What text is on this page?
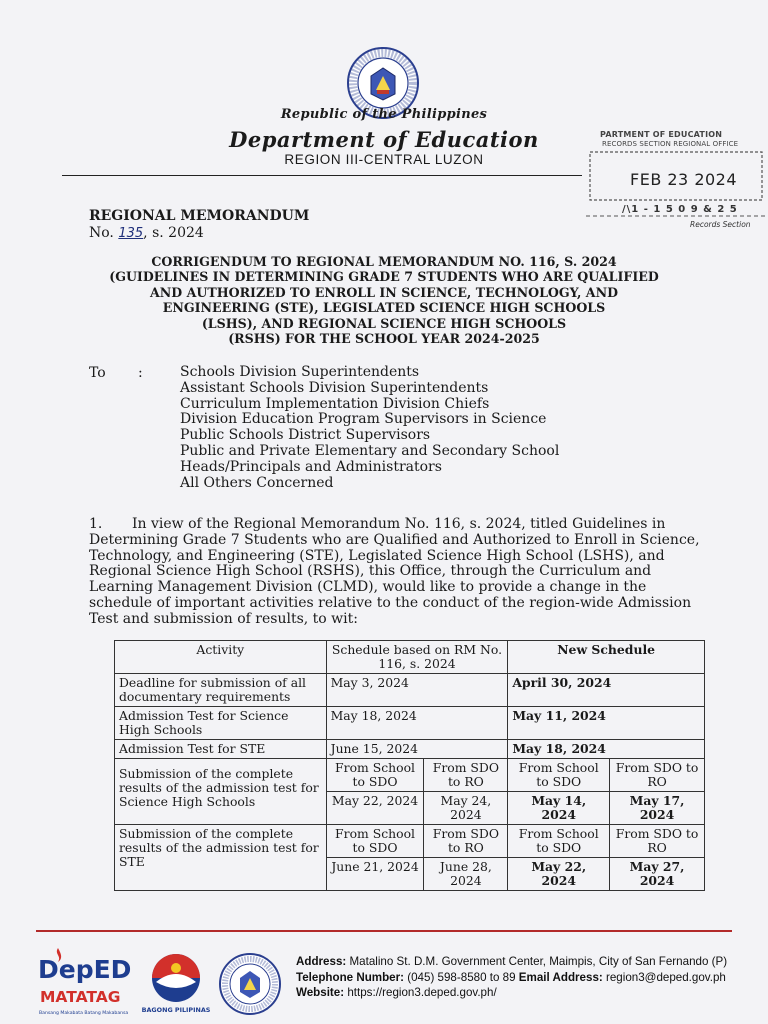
Republic of the Philippines
Department of Education
REGION III-CENTRAL LUZON
PARTMENT OF EDUCATION
RECORDS SECTION REGIONAL OFFICE
FEB 23 2024
/\1 - 1 5 0 9 & 2 5
Records Section
REGIONAL MEMORANDUM
No. 135, s. 2024
CORRIGENDUM TO REGIONAL MEMORANDUM NO. 116, S. 2024
(GUIDELINES IN DETERMINING GRADE 7 STUDENTS WHO ARE QUALIFIED
AND AUTHORIZED TO ENROLL IN SCIENCE, TECHNOLOGY, AND
ENGINEERING (STE), LEGISLATED SCIENCE HIGH SCHOOLS
(LSHS), AND REGIONAL SCIENCE HIGH SCHOOLS
(RSHS) FOR THE SCHOOL YEAR 2024-2025
To :	Schools Division Superintendents
Assistant Schools Division Superintendents
Curriculum Implementation Division Chiefs
Division Education Program Supervisors in Science
Public Schools District Supervisors
Public and Private Elementary and Secondary School
Heads/Principals and Administrators
All Others Concerned
1. In view of the Regional Memorandum No. 116, s. 2024, titled Guidelines in
Determining Grade 7 Students who are Qualified and Authorized to Enroll in Science,
Technology, and Engineering (STE), Legislated Science High School (LSHS), and
Regional Science High School (RSHS), this Office, through the Curriculum and
Learning Management Division (CLMD), would like to provide a change in the
schedule of important activities relative to the conduct of the region-wide Admission
Test and submission of results, to wit:
Activity	Schedule based on RM No. 116, s. 2024		New Schedule	
Deadline for submission of all documentary requirements	May 3, 2024		April 30, 2024	
Admission Test for Science High Schools	May 18, 2024		May 11, 2024	
Admission Test for STE	June 15, 2024		May 18, 2024	
Submission of the complete results of the admission test for Science High Schools	From School to SDO	From SDO to RO	From School to SDO	From SDO to RO
	May 22, 2024	May 24, 2024	May 14, 2024	May 17, 2024
Submission of the complete results of the admission test for STE	From School to SDO	From SDO to RO	From School to SDO	From SDO to RO
	June 21, 2024	June 28, 2024	May 22, 2024	May 27, 2024
DepED
MATATAG
Bansang Makabata Batang Makabansa BAGONG PILIPINAS
Address: Matalino St. D.M. Government Center, Maimpis, City of San Fernando (P)
Telephone Number: (045) 598-8580 to 89 Email Address: region3@deped.gov.ph
Website: https://region3.deped.gov.ph/
